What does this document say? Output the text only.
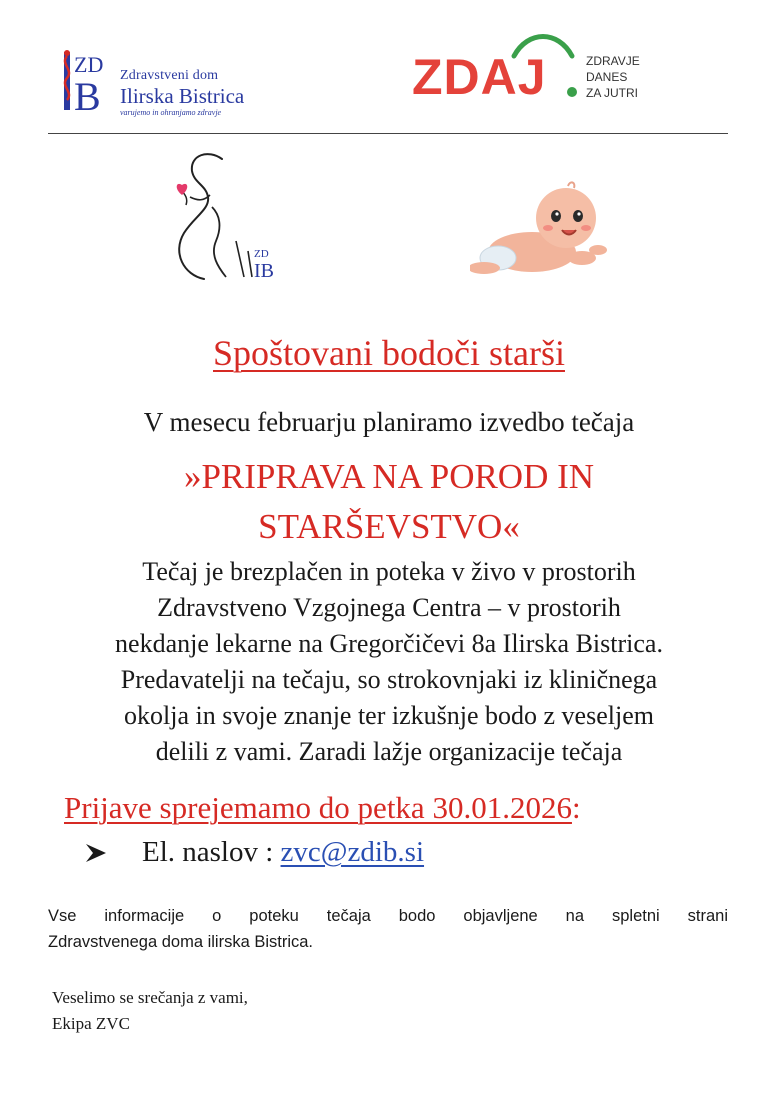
ZD
B Zdravstveni dom
Ilirska Bistrica
varujemo in ohranjamo zdravje
ZDAJ	ZDRAVJE
DANES
ZA JUTRI
ZD
IB
Spoštovani bodoči starši
V mesecu februarju planiramo izvedbo tečaja
»PRIPRAVA NA POROD IN
STARŠEVSTVO«
Tečaj je brezplačen in poteka v živo v prostorih
Zdravstveno Vzgojnega Centra – v prostorih
nekdanje lekarne na Gregorčičevi 8a Ilirska Bistrica.
Predavatelji na tečaju, so strokovnjaki iz kliničnega
okolja in svoje znanje ter izkušnje bodo z veseljem
delili z vami. Zaradi lažje organizacije tečaja
Prijave sprejemamo do petka 30.01.2026:
El. naslov :
zvc@zdib.si
Vse informacije o poteku tečaja bodo objavljene na spletni strani
Zdravstvenega doma ilirska Bistrica.
Veselimo se srečanja z vami,
Ekipa ZVC
